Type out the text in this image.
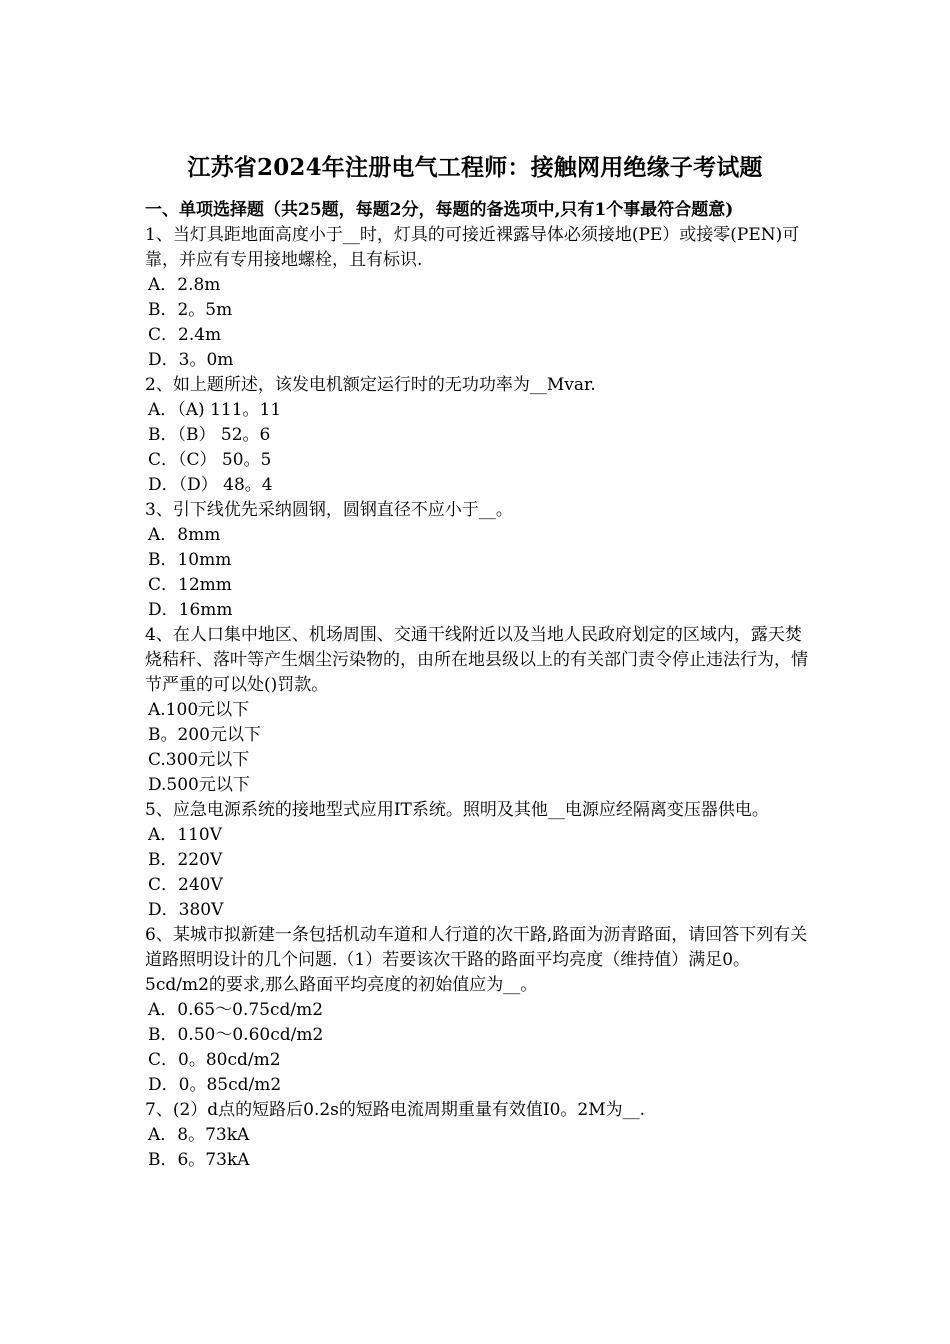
江苏省2024年注册电气工程师：接触网用绝缘子考试题
一、单项选择题（共25题，每题2分，每题的备选项中,只有1个事最符合题意)

1、当灯具距地面高度小于__时，灯具的可接近裸露导体必须接地(PE）或接零(PEN)可靠，并应有专用接地螺栓，且有标识.

A．2.8m

B．2。5m

C．2.4m

D．3。0m

2、如上题所述，该发电机额定运行时的无功功率为__Mvar.

A．（A) 111。11

B．（B） 52。6

C．（C） 50。5

D．（D） 48。4

3、引下线优先采纳圆钢，圆钢直径不应小于__。

A．8mm

B．10mm

C．12mm

D．16mm

4、在人口集中地区、机场周围、交通干线附近以及当地人民政府划定的区域内，露天焚烧秸秆、落叶等产生烟尘污染物的，由所在地县级以上的有关部门责令停止违法行为，情节严重的可以处()罚款。

A.100元以下

B。200元以下

C.300元以下

D.500元以下

5、应急电源系统的接地型式应用IT系统。照明及其他__电源应经隔离变压器供电。

A．110V

B．220V

C．240V

D．380V

6、某城市拟新建一条包括机动车道和人行道的次干路,路面为沥青路面，请回答下列有关道路照明设计的几个问题.（1）若要该次干路的路面平均亮度（维持值）满足0。5cd/m2的要求,那么路面平均亮度的初始值应为__。

A．0.65～0.75cd/m2

B．0.50～0.60cd/m2

C．0。80cd/m2

D．0。85cd/m2

7、(2）d点的短路后0.2s的短路电流周期重量有效值I0。2M为__.

A．8。73kA

B．6。73kA
